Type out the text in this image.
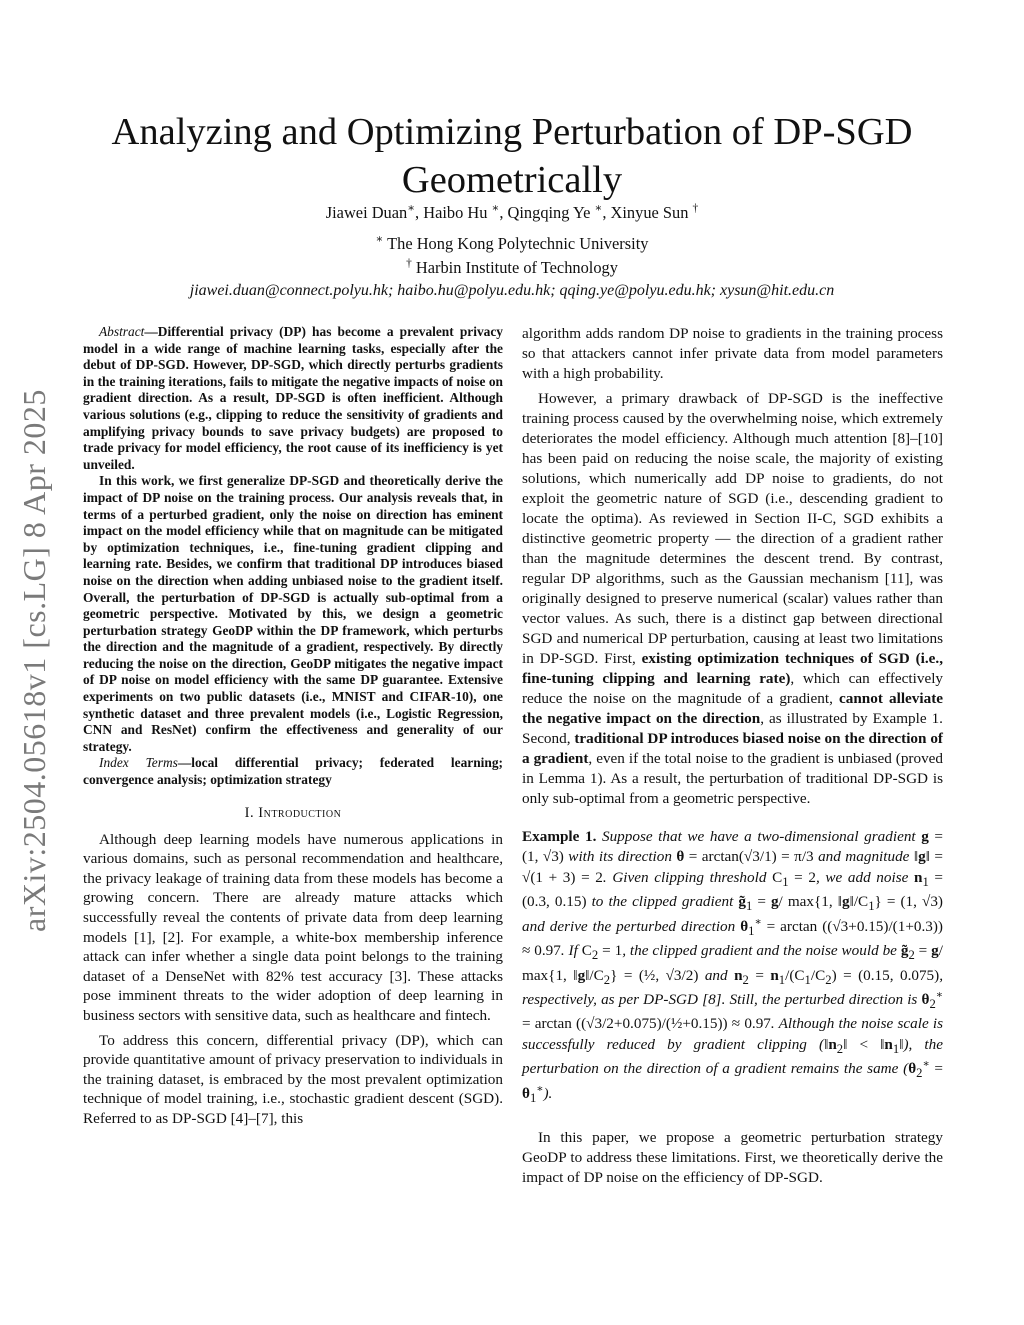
arXiv:2504.05618v1 [cs.LG] 8 Apr 2025
Analyzing and Optimizing Perturbation of DP-SGD Geometrically
Jiawei Duan∗, Haibo Hu ∗, Qingqing Ye ∗, Xinyue Sun †
∗ The Hong Kong Polytechnic University
† Harbin Institute of Technology
jiawei.duan@connect.polyu.hk; haibo.hu@polyu.edu.hk; qqing.ye@polyu.edu.hk; xysun@hit.edu.cn

Abstract—Differential privacy (DP) has become a prevalent privacy model in a wide range of machine learning tasks, especially after the debut of DP-SGD. However, DP-SGD, which directly perturbs gradients in the training iterations, fails to mitigate the negative impacts of noise on gradient direction. As a result, DP-SGD is often inefficient. Although various solutions (e.g., clipping to reduce the sensitivity of gradients and amplifying privacy bounds to save privacy budgets) are proposed to trade privacy for model efficiency, the root cause of its inefficiency is yet unveiled.

In this work, we first generalize DP-SGD and theoretically derive the impact of DP noise on the training process. Our analysis reveals that, in terms of a perturbed gradient, only the noise on direction has eminent impact on the model efficiency while that on magnitude can be mitigated by optimization techniques, i.e., fine-tuning gradient clipping and learning rate. Besides, we confirm that traditional DP introduces biased noise on the direction when adding unbiased noise to the gradient itself. Overall, the perturbation of DP-SGD is actually sub-optimal from a geometric perspective. Motivated by this, we design a geometric perturbation strategy GeoDP within the DP framework, which perturbs the direction and the magnitude of a gradient, respectively. By directly reducing the noise on the direction, GeoDP mitigates the negative impact of DP noise on model efficiency with the same DP guarantee. Extensive experiments on two public datasets (i.e., MNIST and CIFAR-10), one synthetic dataset and three prevalent models (i.e., Logistic Regression, CNN and ResNet) confirm the effectiveness and generality of our strategy.

Index Terms—local differential privacy; federated learning; convergence analysis; optimization strategy

I. Introduction

Although deep learning models have numerous applications in various domains, such as personal recommendation and healthcare, the privacy leakage of training data from these models has become a growing concern. There are already mature attacks which successfully reveal the contents of private data from deep learning models [1], [2]. For example, a white-box membership inference attack can infer whether a single data point belongs to the training dataset of a DenseNet with 82% test accuracy [3]. These attacks pose imminent threats to the wider adoption of deep learning in business sectors with sensitive data, such as healthcare and fintech.

To address this concern, differential privacy (DP), which can provide quantitative amount of privacy preservation to individuals in the training dataset, is embraced by the most prevalent optimization technique of model training, i.e., stochastic gradient descent (SGD). Referred to as DP-SGD [4]–[7], this

algorithm adds random DP noise to gradients in the training process so that attackers cannot infer private data from model parameters with a high probability.

However, a primary drawback of DP-SGD is the ineffective training process caused by the overwhelming noise, which extremely deteriorates the model efficiency. Although much attention [8]–[10] has been paid on reducing the noise scale, the majority of existing solutions, which numerically add DP noise to gradients, do not exploit the geometric nature of SGD (i.e., descending gradient to locate the optima). As reviewed in Section II-C, SGD exhibits a distinctive geometric property — the direction of a gradient rather than the magnitude determines the descent trend. By contrast, regular DP algorithms, such as the Gaussian mechanism [11], was originally designed to preserve numerical (scalar) values rather than vector values. As such, there is a distinct gap between directional SGD and numerical DP perturbation, causing at least two limitations in DP-SGD. First, existing optimization techniques of SGD (i.e., fine-tuning clipping and learning rate), which can effectively reduce the noise on the magnitude of a gradient, cannot alleviate the negative impact on the direction, as illustrated by Example 1. Second, traditional DP introduces biased noise on the direction of a gradient, even if the total noise to the gradient is unbiased (proved in Lemma 1). As a result, the perturbation of traditional DP-SGD is only sub-optimal from a geometric perspective.

Example 1. Suppose that we have a two-dimensional gradient g = (1, √3) with its direction θ = arctan(√3/1) = π/3 and magnitude ‖g‖ = √(1 + 3) = 2. Given clipping threshold $C_1 = 2$, we add noise $n_1 = (0.3$, 0.15) to the clipped gradient $g̃_1 = g/$ max{1, $‖g‖/C_1\} = (1$, √3) and derive the perturbed direction $\theta_1^∗ = \arctan ((√3+0.15)/(1+0.3)) \approx 0.97$. If $C_2 = 1$, the clipped gradient and the noise would be $g̃_2 = g/$ max{1, $‖g‖/C_2$} = (½, √3/2) and $n_2 = n_1/(C_1/C_2) = (0.15$, 0.075), respectively, as per DP-SGD [8]. Still, the perturbed direction is $\theta_2^∗ = \arctan$ ((√3/2+0.075)/(½+0.15)) ≈ 0.97. Although the noise scale is successfully reduced by gradient clipping ($‖n_2‖$ < $‖n_1‖$), the perturbation on the direction of a gradient remains the same $(\theta_2^∗ = \theta_1^∗)$.

In this paper, we propose a geometric perturbation strategy GeoDP to address these limitations. First, we theoretically derive the impact of DP noise on the efficiency of DP-SGD.
